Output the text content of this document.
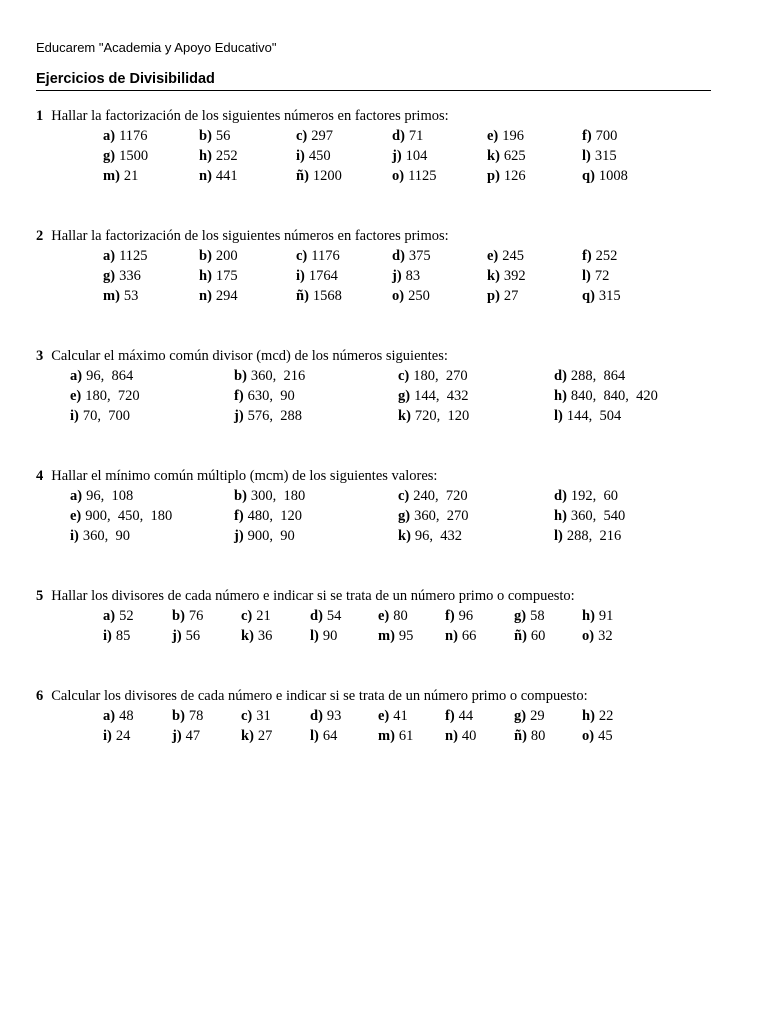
Educarem "Academia y Apoyo Educativo"
Ejercicios de Divisibilidad
1 Hallar la factorización de los siguientes números en factores primos:
a) 1176	b) 56	c) 297	d) 71	e) 196	f) 700
g) 1500	h) 252	i) 450	j) 104	k) 625	l) 315
m) 21	n) 441	ñ) 1200	o) 1125	p) 126	q) 1008
2 Hallar la factorización de los siguientes números en factores primos:
a) 1125	b) 200	c) 1176	d) 375	e) 245	f) 252
g) 336	h) 175	i) 1764	j) 83	k) 392	l) 72
m) 53	n) 294	ñ) 1568	o) 250	p) 27	q) 315
3 Calcular el máximo común divisor (mcd) de los números siguientes:
a) 96,  864	b) 360,  216	c) 180,  270	d) 288,  864
e) 180,  720	f) 630,  90	g) 144,  432	h) 840,  840,  420
i) 70,  700	j) 576,  288	k) 720,  120	l) 144,  504
4 Hallar el mínimo común múltiplo (mcm) de los siguientes valores:
a) 96,  108	b) 300,  180	c) 240,  720	d) 192,  60
e) 900,  450,  180	f) 480,  120	g) 360,  270	h) 360,  540
i) 360,  90	j) 900,  90	k) 96,  432	l) 288,  216
5 Hallar los divisores de cada número e indicar si se trata de un número primo o compuesto:
a) 52	b) 76	c) 21	d) 54	e) 80	f) 96	g) 58	h) 91
i) 85	j) 56	k) 36	l) 90	m) 95 n) 66	ñ) 60	o) 32
6 Calcular los divisores de cada número e indicar si se trata de un número primo o compuesto:
a) 48	b) 78	c) 31	d) 93	e) 41	f) 44	g) 29	h) 22
i) 24	j) 47	k) 27	l) 64	m) 61 n) 40	ñ) 80	o) 45
